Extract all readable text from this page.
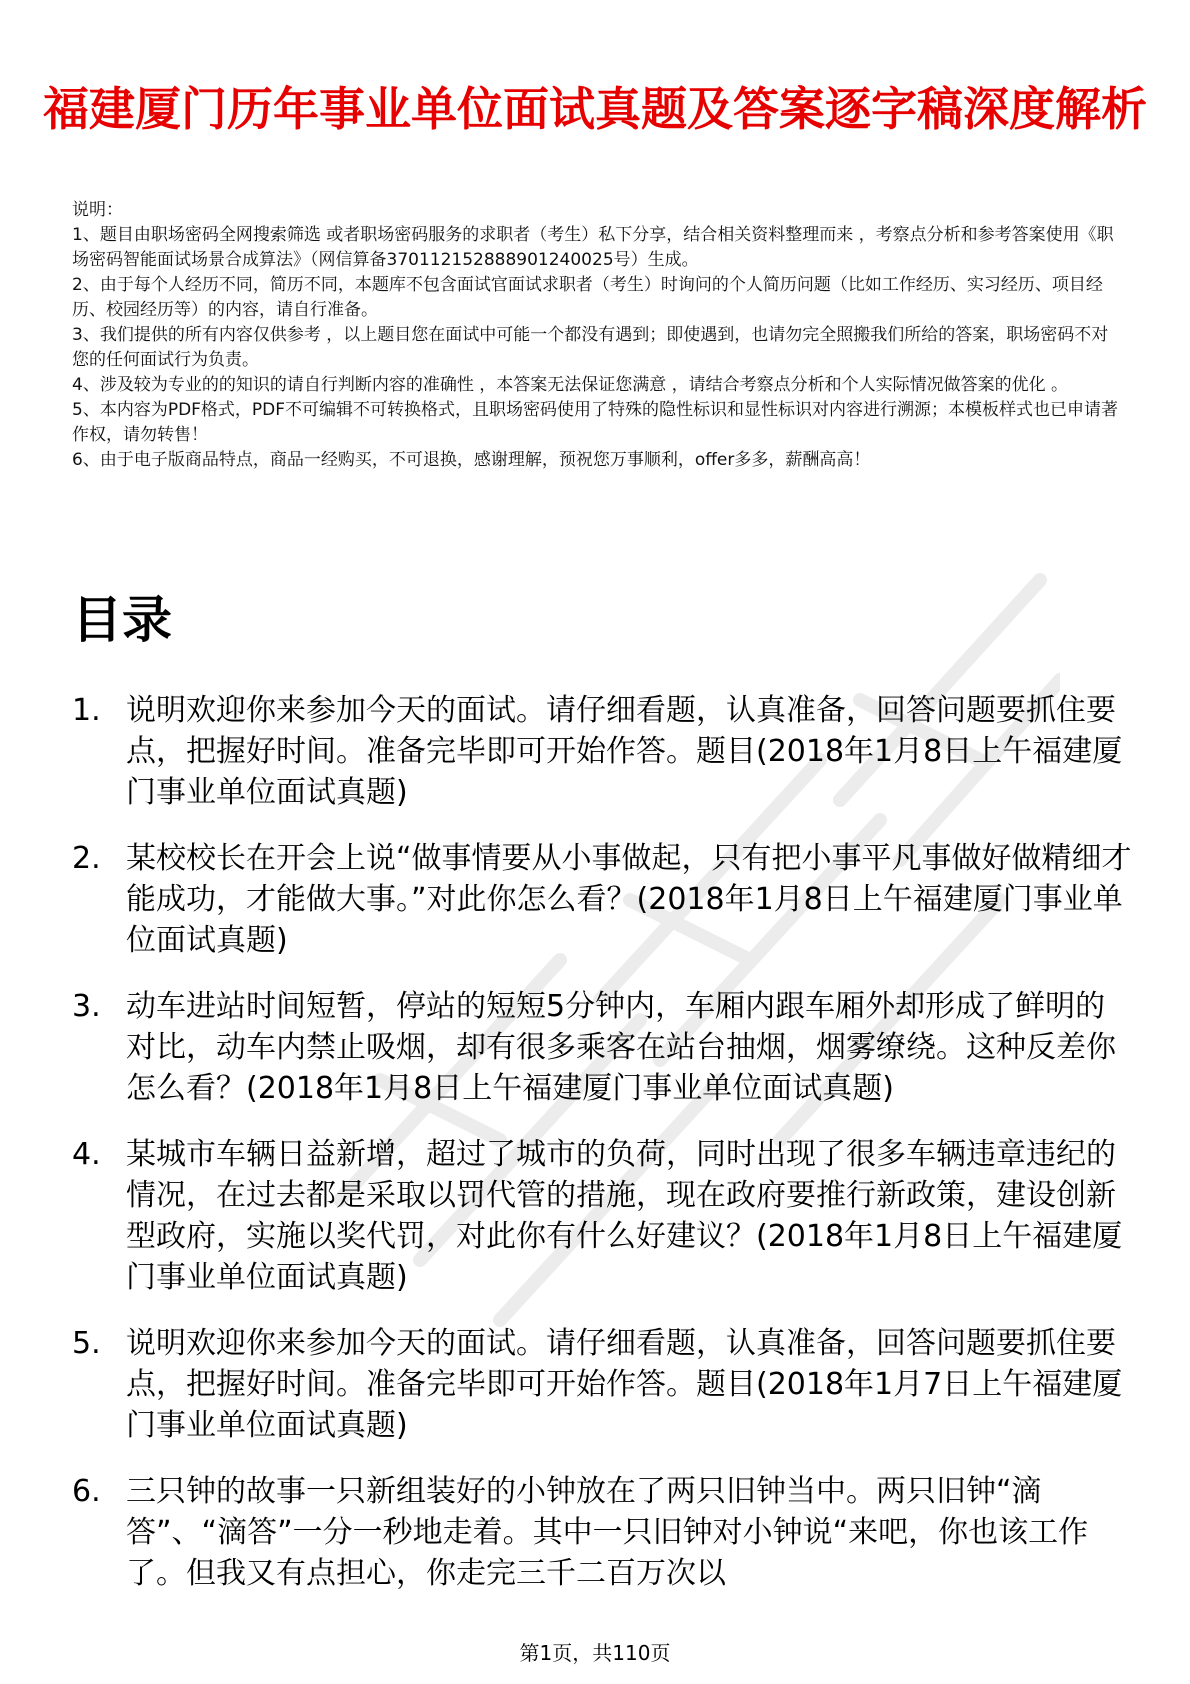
福建厦门历年事业单位面试真题及答案逐字稿深度解析

说明：

1、题目由职场密码全网搜索筛选 或者职场密码服务的求职者（考生）私下分享，结合相关资料整理而来 ，考察点分析和参考答案使用《职场密码智能面试场景合成算法》（网信算备37011215288890124002​5号）生成。

2、由于每个人经历不同，简历不同，本题库不包含面试官面试求职者（考生）时询问的个人简历问题（比如工作经历、实习经历、项目经历、校园经历等）的内容，请自行准备。

3、我们提供的所有内容仅供参考 ，以上题目您在面试中可能一个都没有遇到；即使遇到，也请勿完全照搬我们所给的答案，职场密码不对您的任何面试行为负责。

4、涉及较为专业的的知识的请自行判断内容的准确性 ，本答案无法保证您满意 ，请结合考察点分析和个人实际情况做答案的优化 。

5、本内容为PDF格式，PDF不可编辑不可转换格式，且职场密码使用了特殊的隐性标识和显性标识对内容进行溯源；本模板样式也已申请著作权，请勿转售！

6、由于电子版商品特点，商品一经购买，不可退换，感谢理解，预祝您万事顺利，offer多多，薪酬高高！

目录
1. 说明欢迎你来参加今天的面试。请仔细看题，认真准备，回答问题要抓住要点，把握好时间。准备完毕即可开始作答。题目(2018年1月8日上午福建厦门事业单位面试真题)
2. 某校校长在开会上说“做事情要从小事做起，只有把小事平凡事做好做精细才能成功，才能做大事。”对此你怎么看？(2018年1月8日上午福建厦门事业单位面试真题)
3. 动车进站时间短暂，停站的短短5分钟内，车厢内跟车厢外却形成了鲜明的对比，动车内禁止吸烟，却有很多乘客在站台抽烟，烟雾缭绕。这种反差你怎么看？(2018年1月8日上午福建厦门事业单位面试真题)
4. 某城市车辆日益新增，超过了城市的负荷，同时出现了很多车辆违章违纪的情况，在过去都是采取以罚代管的措施，现在政府要推行新政策，建设创新型政府，实施以奖代罚，对此你有什么好建议？(2018年1月8日上午福建厦门事业单位面试真题)
5. 说明欢迎你来参加今天的面试。请仔细看题，认真准备，回答问题要抓住要点，把握好时间。准备完毕即可开始作答。题目(2018年1月7日上午福建厦门事业单位面试真题)
6. 三只钟的故事一只新组装好的小钟放在了两只旧钟当中。两只旧钟“滴答”、“滴答”一分一秒地走着。其中一只旧钟对小钟说“来吧，你也该工作了。但我又有点担心，你走完三千二百万次以
第1页，共110页
